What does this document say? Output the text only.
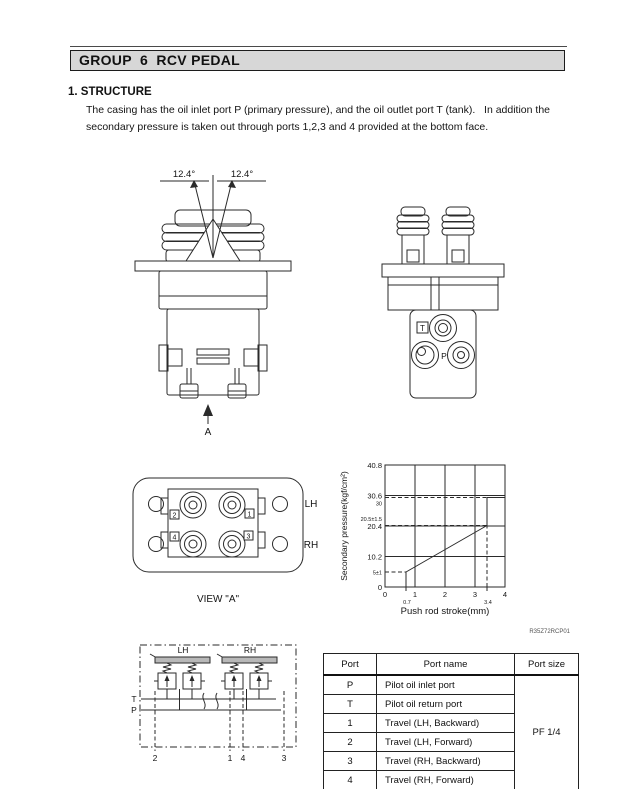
GROUP  6  RCV PEDAL
1. STRUCTURE
The casing has the oil inlet port P (primary pressure), and the oil outlet port T (tank).   In addition the
secondary pressure is taken out through ports 1,2,3 and 4 provided at the bottom face.
12.4°	12.4°
A
T
P
2	1
4	3
LH
RH
VIEW "A"
40.8
30.6
20.4
10.2
0
30
20.5±1.5
5±1
0	1	2	3	4
0.7	3.4
Secondary pressure(kgf/cm²)
Push rod stroke(mm)
R35Z72RCP01
LH	RH
T
P
2	1 4	3
Port	Port name	Port size
P	Pilot oil inlet port	PF 1/4
T	Pilot oil return port	
1	Travel (LH, Backward)	
2	Travel (LH, Forward)	
3	Travel (RH, Backward)	
4	Travel (RH, Forward)	
